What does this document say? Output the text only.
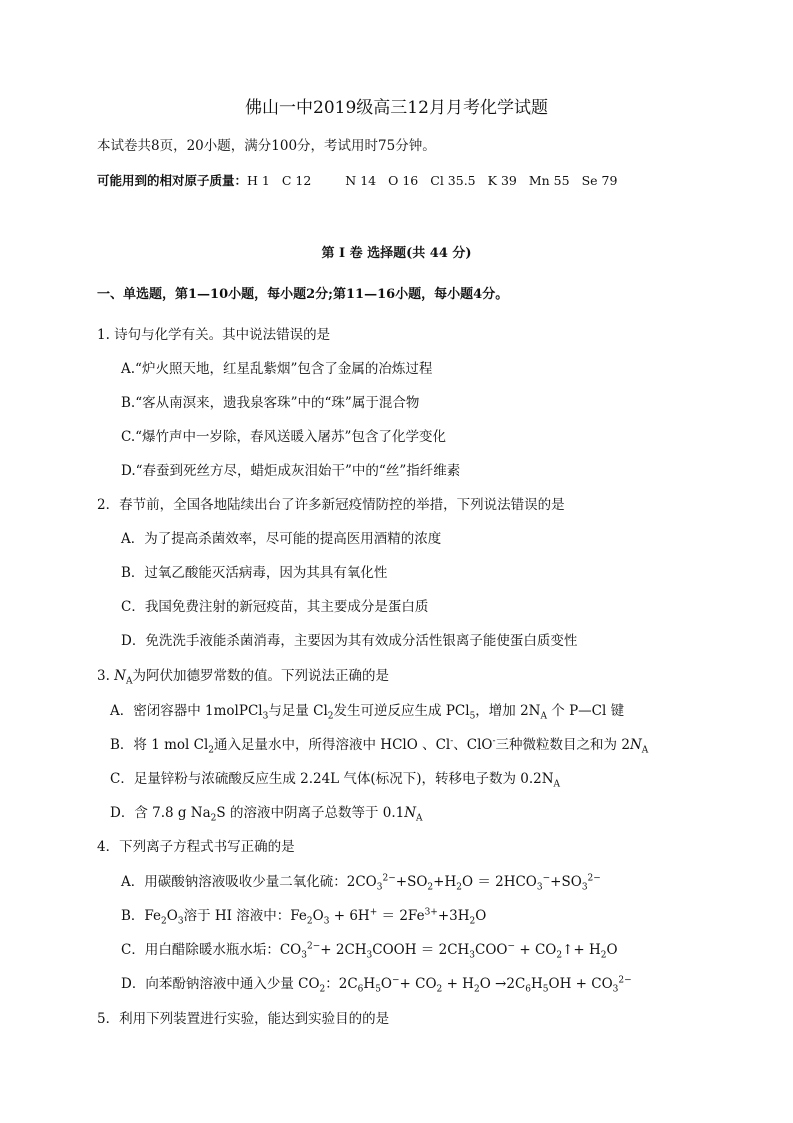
佛山一中2019级高三12月月考化学试题
本试卷共8页，20小题，满分100分，考试用时75分钟。
可能用到的相对原子质量：H 1 C 12	N 14 O 16 Cl 35.5 K 39 Mn 55 Se 79
第 Ⅰ 卷 选择题(共 44 分)
一、单选题，第1—10小题，每小题2分;第11—16小题，每小题4分。
1. 诗句与化学有关。其中说法错误的是
A.“炉火照天地，红星乱紫烟”包含了金属的冶炼过程
B.“客从南溟来，遗我泉客珠”中的“珠”属于混合物
C.“爆竹声中一岁除，春风送暖入屠苏”包含了化学变化
D.“春蚕到死丝方尽，蜡炬成灰泪始干”中的“丝”指纤维素
2．春节前，全国各地陆续出台了许多新冠疫情防控的举措，下列说法错误的是
A．为了提高杀菌效率，尽可能的提高医用酒精的浓度
B．过氧乙酸能灭活病毒，因为其具有氧化性
C．我国免费注射的新冠疫苗，其主要成分是蛋白质
D．免洗洗手液能杀菌消毒，主要因为其有效成分活性银离子能使蛋白质变性
3. $N_A$为阿伏加德罗常数的值。下列说法正确的是
A．密闭容器中 1molPCl$_3$与足量 $Cl_2$发生可逆反应生成 PCl$_5$，增加 $2N_A$ 个 P—Cl 键
B．将 1 mol $Cl_2$通入足量水中，所得溶液中 HClO 、Cl-、ClO-三种微粒数目之和为 $2N_A$
C．足量锌粉与浓硫酸反应生成 2.24L 气体(标况下)，转移电子数为 $0.2N_A$
D．含 7.8 g $Na_2S$ 的溶液中阴离子总数等于 $0.1N_A$
4．下列离子方程式书写正确的是
A．用碳酸钠溶液吸收少量二氧化硫：$2CO_3^{2-}+SO_2+H_2O = 2HCO_3^-+SO_3^{2-}$
B．$Fe_2O_3$溶于 HI 溶液中：$Fe_2O_3 + 6H^+ = 2Fe^{3+}+3H_2O$
C．用白醋除暖水瓶水垢：$CO_3^{2-}+$ $2CH_3COOH = 2CH_3COO^-$ + $CO_2↑+ H_2O$
D．向苯酚钠溶液中通入少量 $CO_2$：$2C_6H_5O^-+ CO_2 + H_2O \to 2C_6H_5OH + CO_3^{2-}$
5．利用下列装置进行实验，能达到实验目的的是
